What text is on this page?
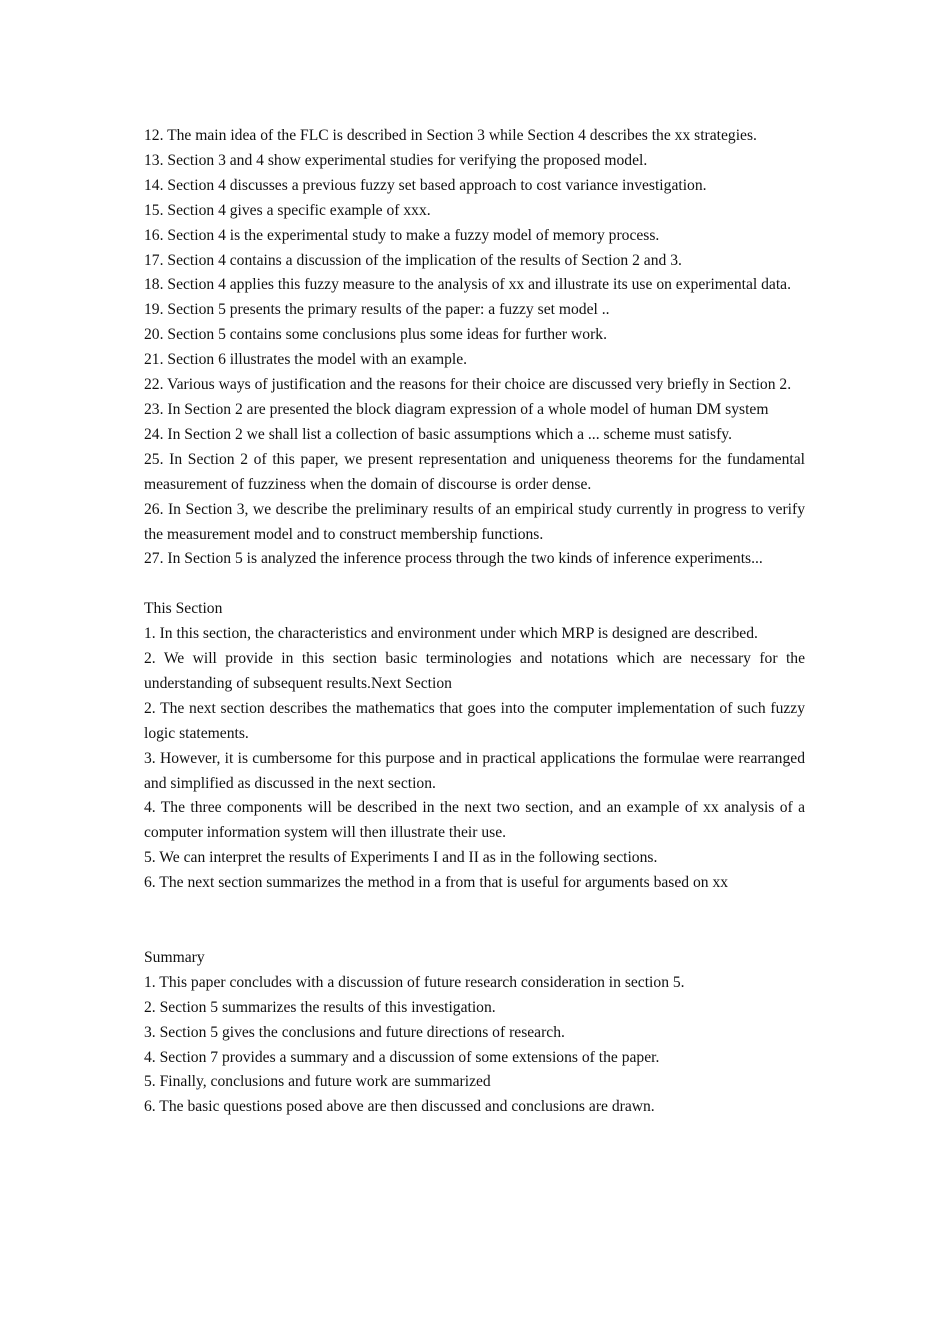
12. The main idea of the FLC is described in Section 3 while Section 4 describes the xx strategies.
13. Section 3 and 4 show experimental studies for verifying the proposed model.
14. Section 4 discusses a previous fuzzy set based approach to cost variance investigation.
15. Section 4 gives a specific example of xxx.
16. Section 4 is the experimental study to make a fuzzy model of memory process.
17. Section 4 contains a discussion of the implication of the results of Section 2 and 3.
18. Section 4 applies this fuzzy measure to the analysis of xx and illustrate its use on experimental data.
19. Section 5 presents the primary results of the paper: a fuzzy set model ..
20. Section 5 contains some conclusions plus some ideas for further work.
21. Section 6 illustrates the model with an example.
22. Various ways of justification and the reasons for their choice are discussed very briefly in Section 2.
23. In Section 2 are presented the block diagram expression of a whole model of human DM system
24. In Section 2 we shall list a collection of basic assumptions which a ... scheme must satisfy.
25. In Section 2 of this paper, we present representation and uniqueness theorems for the fundamental measurement of fuzziness when the domain of discourse is order dense.
26. In Section 3, we describe the preliminary results of an empirical study currently in progress to verify the measurement model and to construct membership functions.
27. In Section 5 is analyzed the inference process through the two kinds of inference experiments...
This Section
1. In this section, the characteristics and environment under which MRP is designed are described.
2. We will provide in this section basic terminologies and notations which are necessary for the understanding of subsequent results.Next Section
2. The next section describes the mathematics that goes into the computer implementation of such fuzzy logic statements.
3. However, it is cumbersome for this purpose and in practical applications the formulae were rearranged and simplified as discussed in the next section.
4. The three components will be described in the next two section, and an example of xx analysis of a computer information system will then illustrate their use.
5. We can interpret the results of Experiments I and II as in the following sections.
6. The next section summarizes the method in a from that is useful for arguments based on xx
Summary
1. This paper concludes with a discussion of future research consideration in section 5.
2. Section 5 summarizes the results of this investigation.
3. Section 5 gives the conclusions and future directions of research.
4. Section 7 provides a summary and a discussion of some extensions of the paper.
5. Finally, conclusions and future work are summarized
6. The basic questions posed above are then discussed and conclusions are drawn.
